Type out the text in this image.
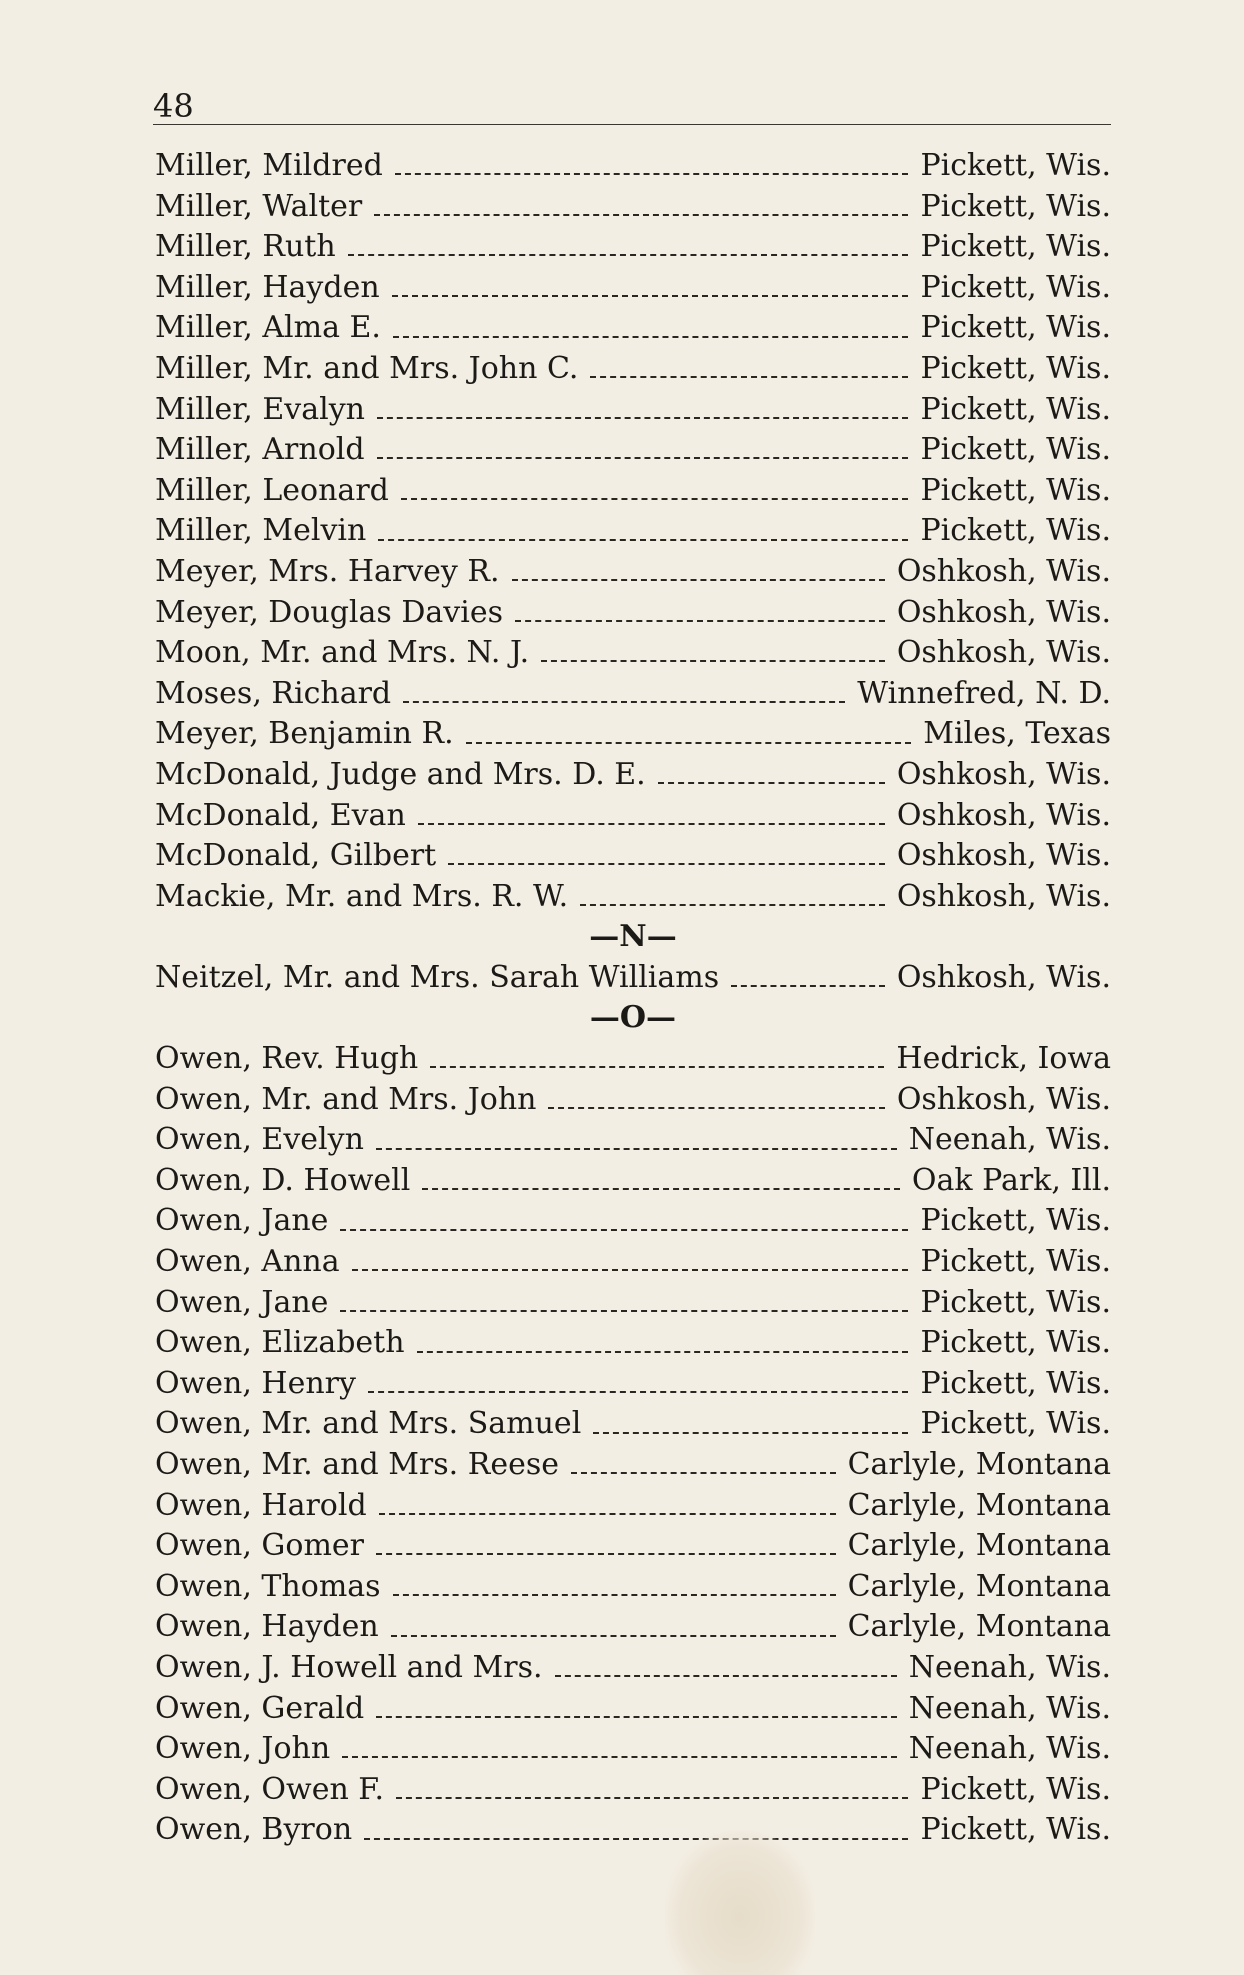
48
Miller, Mildred	Pickett, Wis.
Miller, Walter	Pickett, Wis.
Miller, Ruth	Pickett, Wis.
Miller, Hayden	Pickett, Wis.
Miller, Alma E.	Pickett, Wis.
Miller, Mr. and Mrs. John C.	Pickett, Wis.
Miller, Evalyn	Pickett, Wis.
Miller, Arnold	Pickett, Wis.
Miller, Leonard	Pickett, Wis.
Miller, Melvin	Pickett, Wis.
Meyer, Mrs. Harvey R.	Oshkosh, Wis.
Meyer, Douglas Davies	Oshkosh, Wis.
Moon, Mr. and Mrs. N. J.	Oshkosh, Wis.
Moses, Richard	Winnefred, N. D.
Meyer, Benjamin R.	Miles, Texas
McDonald, Judge and Mrs. D. E.	Oshkosh, Wis.
McDonald, Evan	Oshkosh, Wis.
McDonald, Gilbert	Oshkosh, Wis.
Mackie, Mr. and Mrs. R. W.	Oshkosh, Wis.
—N—
Neitzel, Mr. and Mrs. Sarah Williams	Oshkosh, Wis.
—O—
Owen, Rev. Hugh	Hedrick, Iowa
Owen, Mr. and Mrs. John	Oshkosh, Wis.
Owen, Evelyn	Neenah, Wis.
Owen, D. Howell	Oak Park, Ill.
Owen, Jane	Pickett, Wis.
Owen, Anna	Pickett, Wis.
Owen, Jane	Pickett, Wis.
Owen, Elizabeth	Pickett, Wis.
Owen, Henry	Pickett, Wis.
Owen, Mr. and Mrs. Samuel	Pickett, Wis.
Owen, Mr. and Mrs. Reese	Carlyle, Montana
Owen, Harold	Carlyle, Montana
Owen, Gomer	Carlyle, Montana
Owen, Thomas	Carlyle, Montana
Owen, Hayden	Carlyle, Montana
Owen, J. Howell and Mrs.	Neenah, Wis.
Owen, Gerald	Neenah, Wis.
Owen, John	Neenah, Wis.
Owen, Owen F.	Pickett, Wis.
Owen, Byron	Pickett, Wis.
